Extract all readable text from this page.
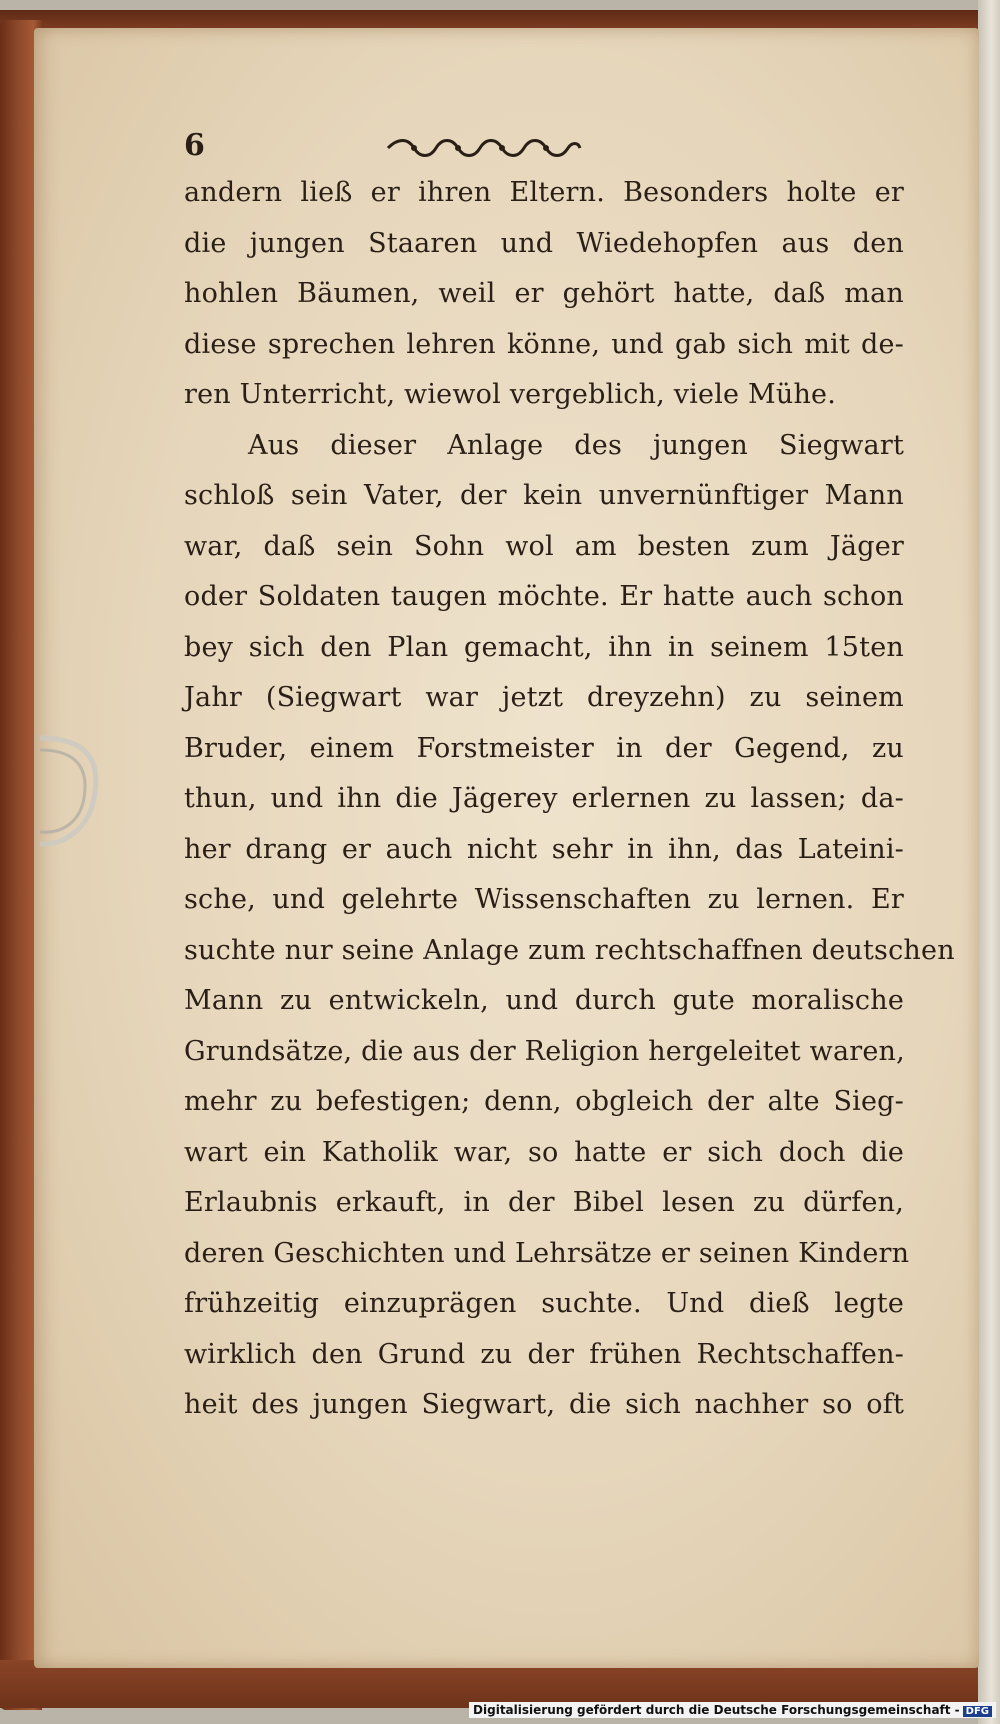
6
andern ließ er ihren Eltern. Besonders holte er
die jungen Staaren und Wiedehopfen aus den
hohlen Bäumen, weil er gehört hatte, daß man
diese sprechen lehren könne, und gab sich mit de-
ren Unterricht, wiewol vergeblich, viele Mühe.
Aus dieser Anlage des jungen Siegwart
schloß sein Vater, der kein unvernünftiger Mann
war, daß sein Sohn wol am besten zum Jäger
oder Soldaten taugen möchte. Er hatte auch schon
bey sich den Plan gemacht, ihn in seinem 15ten
Jahr (Siegwart war jetzt dreyzehn) zu seinem
Bruder, einem Forstmeister in der Gegend, zu
thun, und ihn die Jägerey erlernen zu lassen; da-
her drang er auch nicht sehr in ihn, das Lateini-
sche, und gelehrte Wissenschaften zu lernen. Er
suchte nur seine Anlage zum rechtschaffnen deutschen
Mann zu entwickeln, und durch gute moralische
Grundsätze, die aus der Religion hergeleitet waren,
mehr zu befestigen; denn, obgleich der alte Sieg-
wart ein Katholik war, so hatte er sich doch die
Erlaubnis erkauft, in der Bibel lesen zu dürfen,
deren Geschichten und Lehrsätze er seinen Kindern
frühzeitig einzuprägen suchte. Und dieß legte
wirklich den Grund zu der frühen Rechtschaffen-
heit des jungen Siegwart, die sich nachher so oft
Digitalisierung gefördert durch die Deutsche Forschungsgemeinschaft - DFG
